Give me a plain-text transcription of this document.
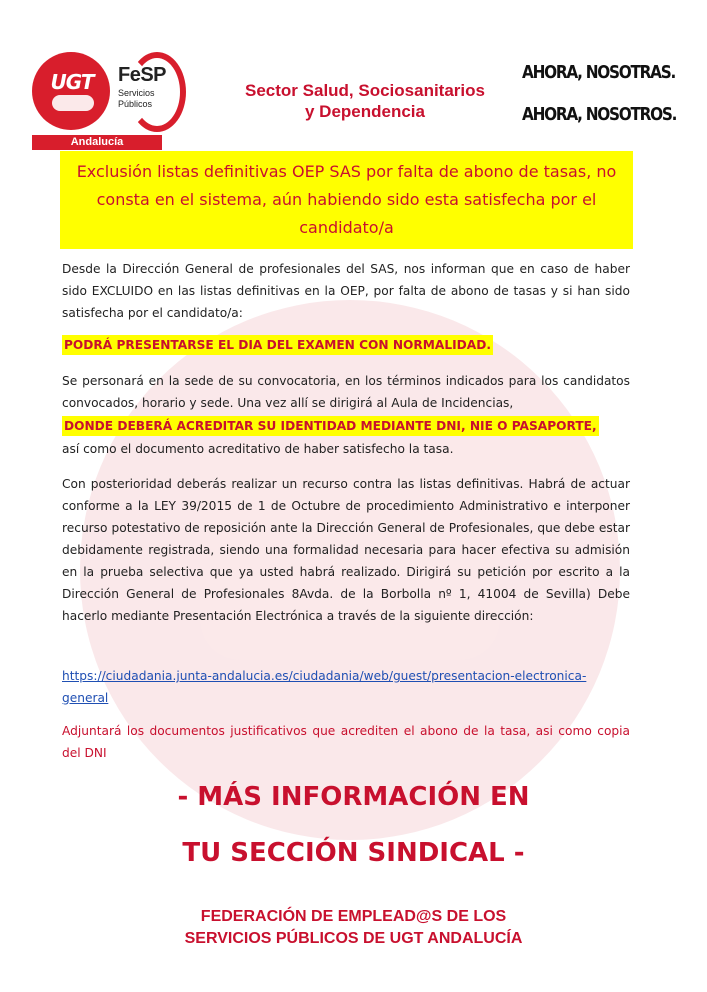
UGT
Andalucía
FeSP
Servicios
Públicos
Sector Salud, Sociosanitarios
y Dependencia
AHORA, NOSOTRAS.
AHORA, NOSOTROS.
Exclusión listas definitivas OEP SAS por falta de abono de tasas, no consta en el sistema, aún habiendo sido esta satisfecha por el candidato/a
Desde la Dirección General de profesionales del SAS, nos informan que en caso de haber sido EXCLUIDO en las listas definitivas en la OEP, por falta de abono de tasas y si han sido satisfecha por el candidato/a:
PODRÁ PRESENTARSE EL DIA DEL EXAMEN CON NORMALIDAD.
Se personará en la sede de su convocatoria, en los términos indicados para los candidatos convocados, horario y sede. Una vez allí se dirigirá al Aula de Incidencias,
DONDE DEBERÁ ACREDITAR SU IDENTIDAD MEDIANTE DNI, NIE O PASAPORTE,
así como el documento acreditativo de haber satisfecho la tasa.
Con posterioridad deberás realizar un recurso contra las listas definitivas. Habrá de actuar conforme a la LEY 39/2015 de 1 de Octubre de procedimiento Administrativo e interponer recurso potestativo de reposición ante la Dirección General de Profesionales, que debe estar debidamente registrada, siendo una formalidad necesaria para hacer efectiva su admisión en la prueba selectiva que ya usted habrá realizado. Dirigirá su petición por escrito a la Dirección General de Profesionales 8Avda. de la Borbolla nº 1, 41004 de Sevilla) Debe hacerlo mediante Presentación Electrónica a través de la siguiente dirección:
https://ciudadania.junta-andalucia.es/ciudadania/web/guest/presentacion-electronica-general
Adjuntará los documentos justificativos que acrediten el abono de la tasa, asi como copia del DNI
- MÁS INFORMACIÓN EN
TU SECCIÓN SINDICAL -
FEDERACIÓN DE EMPLEAD@S DE LOS
SERVICIOS PÚBLICOS DE UGT ANDALUCÍA
